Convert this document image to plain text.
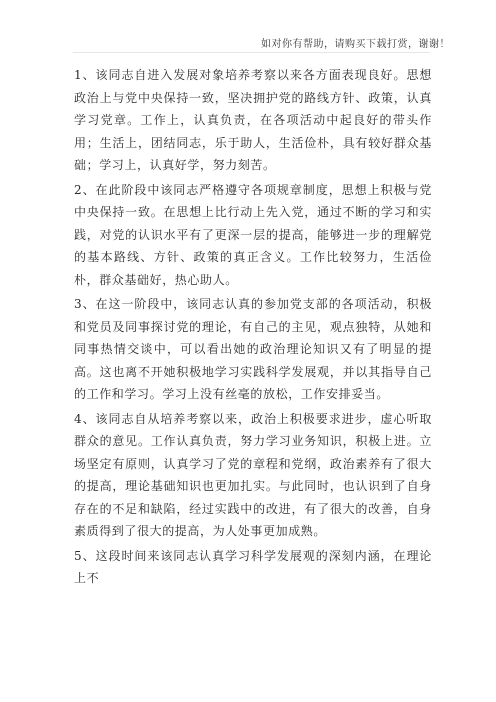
如对你有帮助，请购买下载打赏，谢谢！

1、该同志自进入发展对象培养考察以来各方面表现良好。思想政治上与党中央保持一致，坚决拥护党的路线方针、政策，认真学习党章。工作上，认真负责，在各项活动中起良好的带头作用；生活上，团结同志，乐于助人，生活俭朴，具有较好群众基础；学习上，认真好学，努力刻苦。

2、在此阶段中该同志严格遵守各项规章制度，思想上积极与党中央保持一致。在思想上比行动上先入党，通过不断的学习和实践，对党的认识水平有了更深一层的提高，能够进一步的理解党的基本路线、方针、政策的真正含义。工作比较努力，生活俭朴，群众基础好，热心助人。

3、在这一阶段中，该同志认真的参加党支部的各项活动，积极和党员及同事探讨党的理论，有自己的主见，观点独特，从她和同事热情交谈中，可以看出她的政治理论知识又有了明显的提高。这也离不开她积极地学习实践科学发展观，并以其指导自己的工作和学习。学习上没有丝毫的放松，工作安排妥当。

4、该同志自从培养考察以来，政治上积极要求进步，虚心听取群众的意见。工作认真负责，努力学习业务知识，积极上进。立场坚定有原则，认真学习了党的章程和党纲，政治素养有了很大的提高，理论基础知识也更加扎实。与此同时，也认识到了自身存在的不足和缺陷，经过实践中的改进，有了很大的改善，自身素质得到了很大的提高，为人处事更加成熟。

5、这段时间来该同志认真学习科学发展观的深刻内涵，在理论上不
